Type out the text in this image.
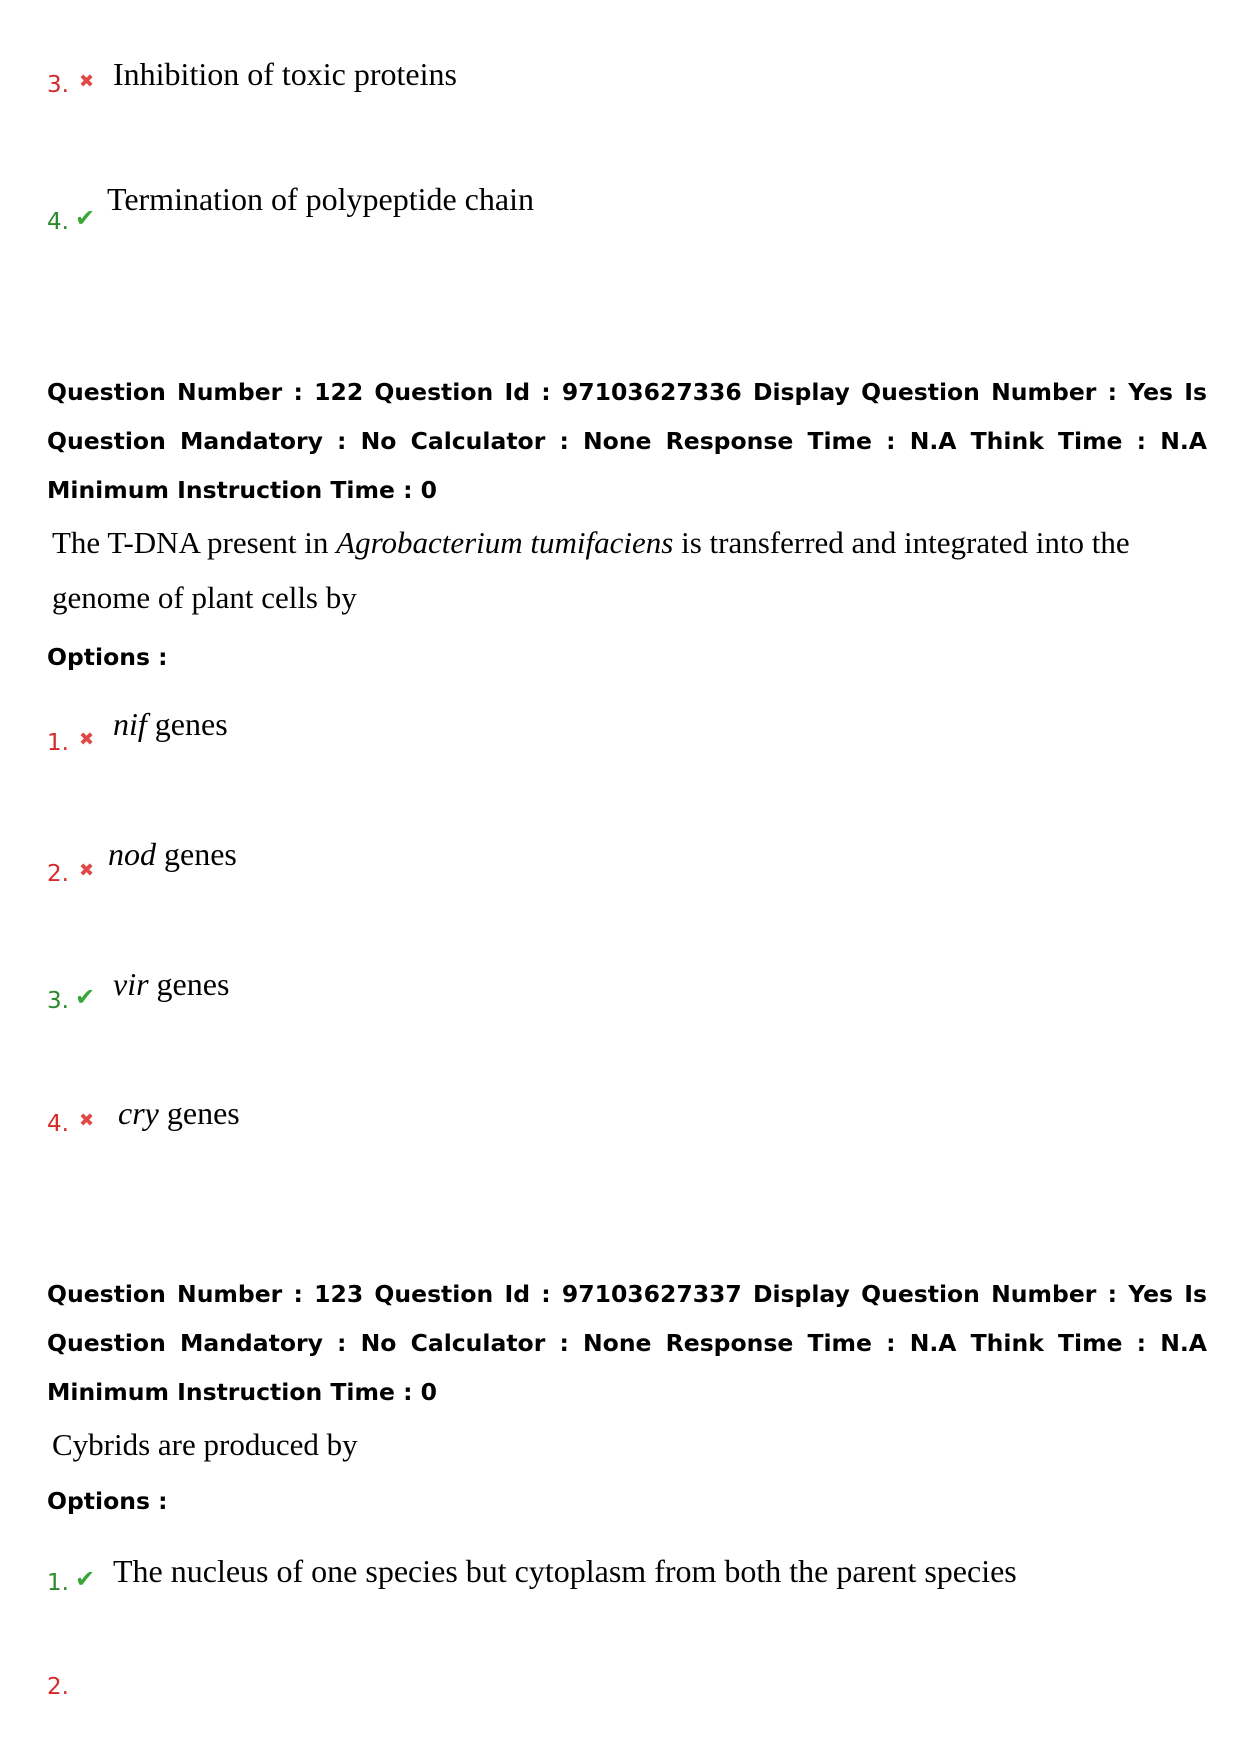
3. ✖ Inhibition of toxic proteins
4. ✔
Termination of polypeptide chain
Question Number : 122 Question Id : 97103627336 Display Question Number : Yes Is Question Mandatory : No Calculator : None Response Time : N.A Think Time : N.A Minimum Instruction Time : 0
The T-DNA present in Agrobacterium tumifaciens is transferred and integrated into the
genome of plant cells by
Options :
1. ✖ nif genes
2. ✖ nod genes
3. ✔ vir genes
4. ✖ cry genes
Question Number : 123 Question Id : 97103627337 Display Question Number : Yes Is Question Mandatory : No Calculator : None Response Time : N.A Think Time : N.A Minimum Instruction Time : 0
Cybrids are produced by
Options :
1. ✔ The nucleus of one species but cytoplasm from both the parent species
2.
